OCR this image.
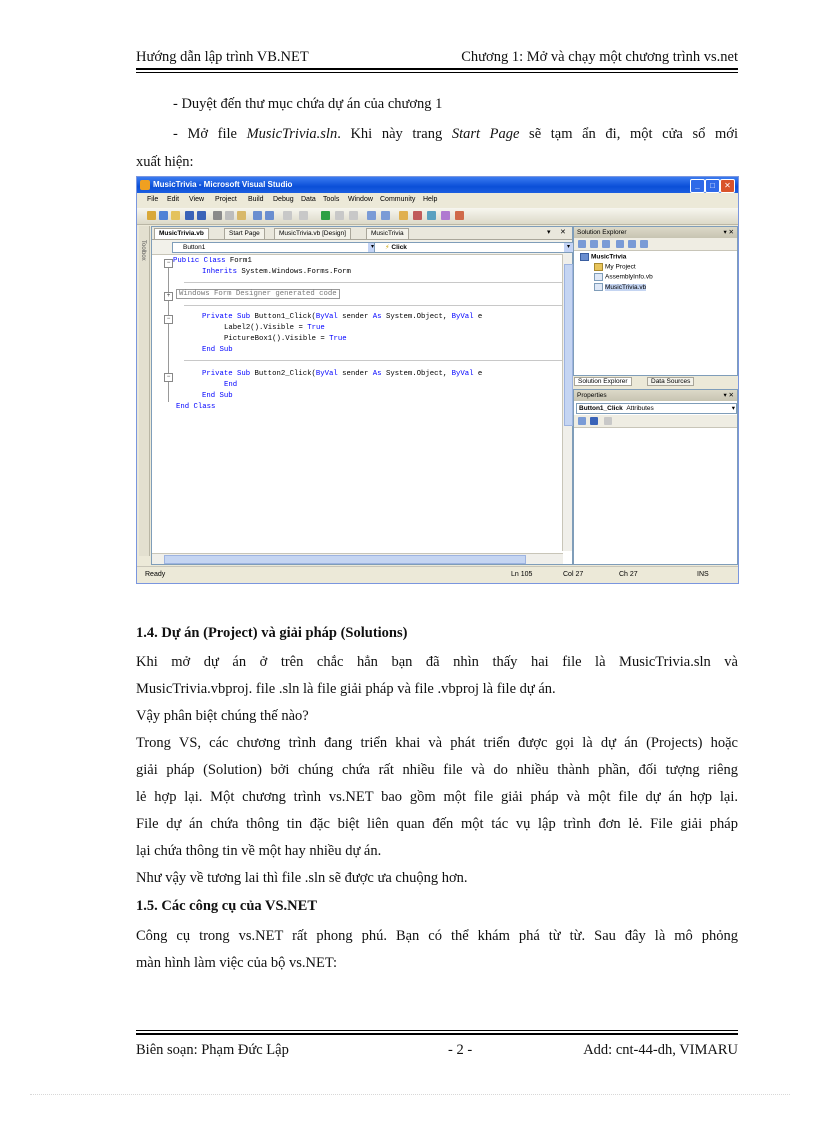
Hướng dẫn lập trình VB.NET	Chương 1: Mở và chạy một chương trình vs.net
- Duyệt đến thư mục chứa dự án của chương 1
- Mở file MusicTrivia.sln. Khi này trang Start Page sẽ tạm ẩn đi, một cửa sổ mới
xuất hiện:
MusicTrivia - Microsoft Visual Studio	_	□	✕
File Edit View Project Build Debug Data Tools Window Community Help
Toolbox
MusicTrivia.vb	Start Page	MusicTrivia.vb [Design]	MusicTrivia	▾ ✕
Button1	▾	⚡ Click	▾
−
+
−
−
Public Class Form1
Inherits System.Windows.Forms.Form
Windows Form Designer generated code
Private Sub Button1_Click(ByVal sender As System.Object, ByVal e
Label2().Visible = True
PictureBox1().Visible = True
End Sub
Private Sub Button2_Click(ByVal sender As System.Object, ByVal e
End
End Sub
End Class
Solution Explorer	▾ ✕
MusicTrivia
My Project
AssemblyInfo.vb
MusicTrivia.vb
Solution Explorer	Data Sources
Properties	▾ ✕
Button1_Click Attributes	▾
Ready	Ln 105	Col 27	Ch 27	INS
1.4. Dự án (Project) và giải pháp (Solutions)
Khi mở dự án ở trên chắc hẳn bạn đã nhìn thấy hai file là MusicTrivia.sln và
MusicTrivia.vbproj. file .sln là file giải pháp và file .vbproj là file dự án.
Vậy phân biệt chúng thế nào?
Trong VS, các chương trình đang triển khai và phát triển được gọi là dự án (Projects) hoặc
giải pháp (Solution) bởi chúng chứa rất nhiều file và do nhiều thành phần, đối tượng riêng
lẻ hợp lại. Một chương trình vs.NET bao gồm một file giải pháp và một file dự án hợp lại.
File dự án chứa thông tin đặc biệt liên quan đến một tác vụ lập trình đơn lẻ. File giải pháp
lại chứa thông tin về một hay nhiều dự án.
Như vậy về tương lai thì file .sln sẽ được ưa chuộng hơn.
1.5. Các công cụ của VS.NET
Công cụ trong vs.NET rất phong phú. Bạn có thể khám phá từ từ. Sau đây là mô phỏng
màn hình làm việc của bộ vs.NET:
Biên soạn: Phạm Đức Lập	- 2 -	Add: cnt-44-dh, VIMARU
